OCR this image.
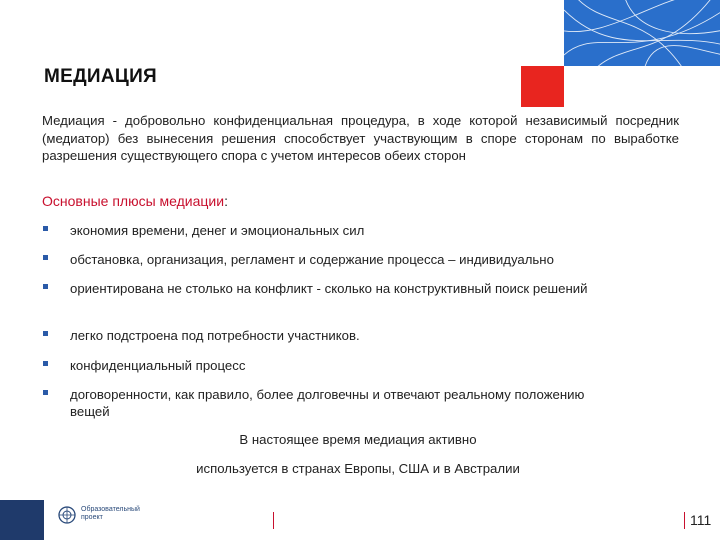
МЕДИАЦИЯ

Медиация - добровольно конфиденциальная процедура, в ходе которой независимый посредник (медиатор) без вынесения решения способствует участвующим в споре сторонам по выработке разрешения существующего спора с учетом интересов обеих сторон

Основные плюсы медиации:

экономия времени, денег и эмоциональных сил
обстановка, организация, регламент и содержание процесса – индивидуально
ориентирована не столько на конфликт - сколько на конструктивный поиск решений
легко подстроена под потребности участников.
конфиденциальный процесс
договоренности, как правило, более долговечны и отвечают реальному положению вещей

В настоящее время медиация активно

используется в странах Европы, США и в Австралии

Образовательный
проект	111
